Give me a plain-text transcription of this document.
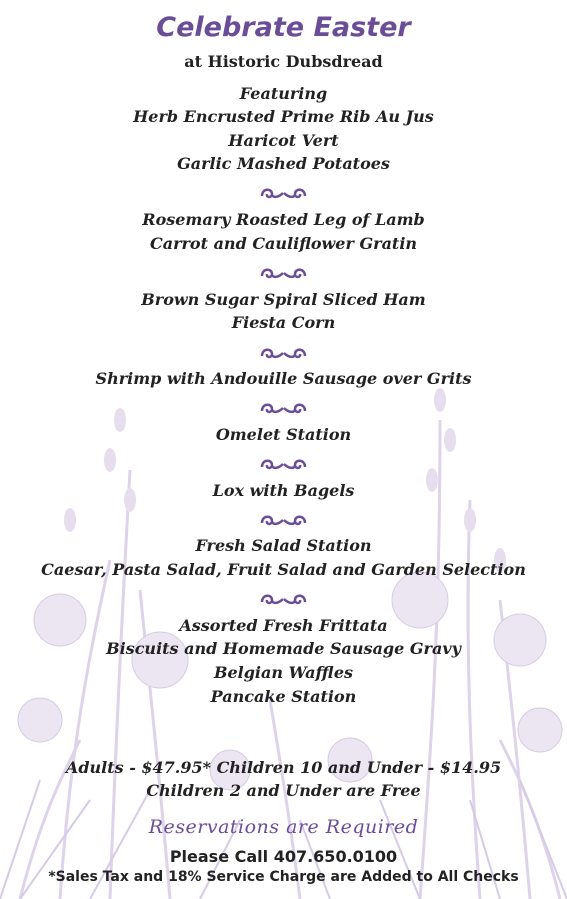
Celebrate Easter
at Historic Dubsdread
Featuring
Herb Encrusted Prime Rib Au Jus
Haricot Vert
Garlic Mashed Potatoes
Rosemary Roasted Leg of Lamb
Carrot and Cauliflower Gratin
Brown Sugar Spiral Sliced Ham
Fiesta Corn
Shrimp with Andouille Sausage over Grits
Omelet Station
Lox with Bagels
Fresh Salad Station
Caesar, Pasta Salad, Fruit Salad and Garden Selection
Assorted Fresh Frittata
Biscuits and Homemade Sausage Gravy
Belgian Waffles
Pancake Station
Adults - $47.95* Children 10 and Under - $14.95
Children 2 and Under are Free
Reservations are Required
Please Call 407.650.0100
*Sales Tax and 18% Service Charge are Added to All Checks
